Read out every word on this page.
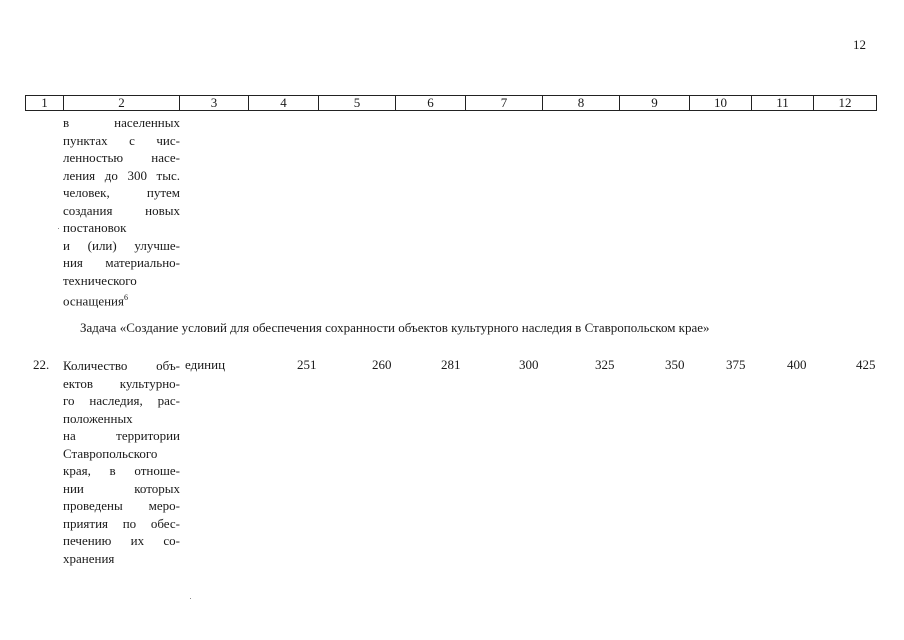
12
1	2	3	4	5	6	7	8	9	10	11	12
в населенных
пунктах с чис-
ленностью насе-
ления до 300 тыс.
человек, путем
создания новых
постановок
и (или) улучше-
ния материально-
технического
оснащения$^6$
Задача «Создание условий для обеспечения сохранности объектов культурного наследия в Ставропольском крае»
22. Количество объ-
ектов культурно-
го наследия, рас-
положенных
на территории
Ставропольского
края, в отноше-
нии которых
проведены меро-
приятия по обес-
печению их со-
хранения
единиц	251	260	281	300	325	350	375	400	425
